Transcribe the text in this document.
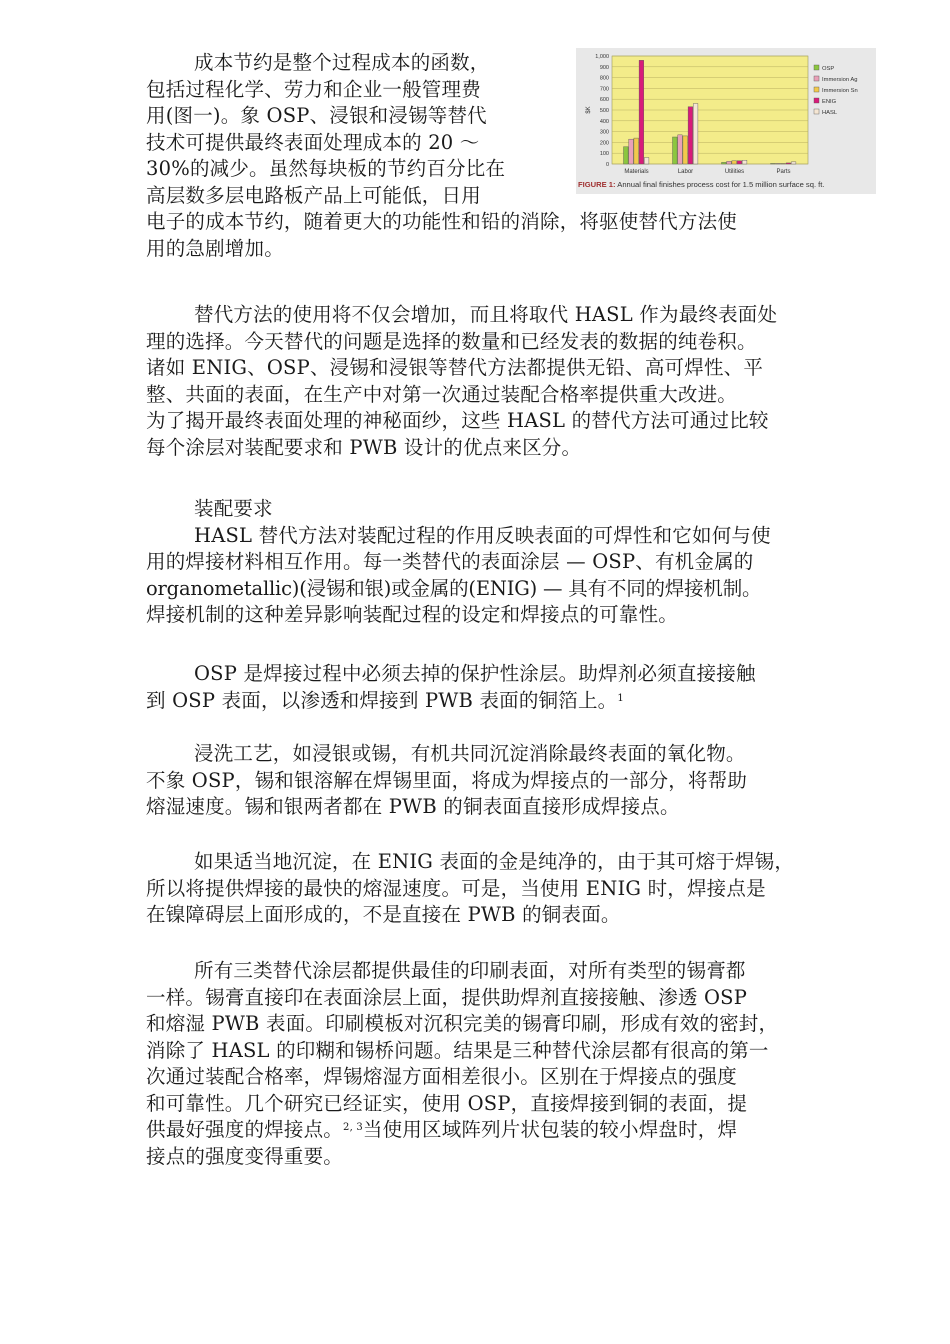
成本节约是整个过程成本的函数，
包括过程化学、劳力和企业一般管理费
用(图一)。象 OSP、浸银和浸锡等替代
技术可提供最终表面处理成本的 20 ～
30%的减少。虽然每块板的节约百分比在
高层数多层电路板产品上可能低，日用
电子的成本节约，随着更大的功能性和铅的消除，将驱使替代方法使
用的急剧增加。

0
100
200
300
400
500
600
700
800
900
1,000
$K
Materials	Labor	Utilities	Parts
OSP
Immersion Ag
Immersion Sn
ENIG
HASL
FIGURE 1: Annual final finishes process cost for 1.5 million surface sq. ft.

替代方法的使用将不仅会增加，而且将取代 HASL 作为最终表面处
理的选择。今天替代的问题是选择的数量和已经发表的数据的纯卷积。
诸如 ENIG、OSP、浸锡和浸银等替代方法都提供无铅、高可焊性、平
整、共面的表面，在生产中对第一次通过装配合格率提供重大改进。
为了揭开最终表面处理的神秘面纱，这些 HASL 的替代方法可通过比较
每个涂层对装配要求和 PWB 设计的优点来区分。

装配要求
HASL 替代方法对装配过程的作用反映表面的可焊性和它如何与使
用的焊接材料相互作用。每一类替代的表面涂层 — OSP、有机金属的
organometallic)(浸锡和银)或金属的(ENIG) — 具有不同的焊接机制。
焊接机制的这种差异影响装配过程的设定和焊接点的可靠性。

OSP 是焊接过程中必须去掉的保护性涂层。助焊剂必须直接接触
到 OSP 表面，以渗透和焊接到 PWB 表面的铜箔上。$^1$

浸洗工艺，如浸银或锡，有机共同沉淀消除最终表面的氧化物。
不象 OSP，锡和银溶解在焊锡里面，将成为焊接点的一部分，将帮助
熔湿速度。锡和银两者都在 PWB 的铜表面直接形成焊接点。

如果适当地沉淀，在 ENIG 表面的金是纯净的，由于其可熔于焊锡，
所以将提供焊接的最快的熔湿速度。可是，当使用 ENIG 时，焊接点是
在镍障碍层上面形成的，不是直接在 PWB 的铜表面。

所有三类替代涂层都提供最佳的印刷表面，对所有类型的锡膏都
一样。锡膏直接印在表面涂层上面，提供助焊剂直接接触、渗透 OSP
和熔湿 PWB 表面。印刷模板对沉积完美的锡膏印刷，形成有效的密封，
消除了 HASL 的印糊和锡桥问题。结果是三种替代涂层都有很高的第一
次通过装配合格率，焊锡熔湿方面相差很小。区别在于焊接点的强度
和可靠性。几个研究已经证实，使用 OSP，直接焊接到铜的表面，提
供最好强度的焊接点。$^{2, 3}$当使用区域阵列片状包装的较小焊盘时，焊
接点的强度变得重要。
